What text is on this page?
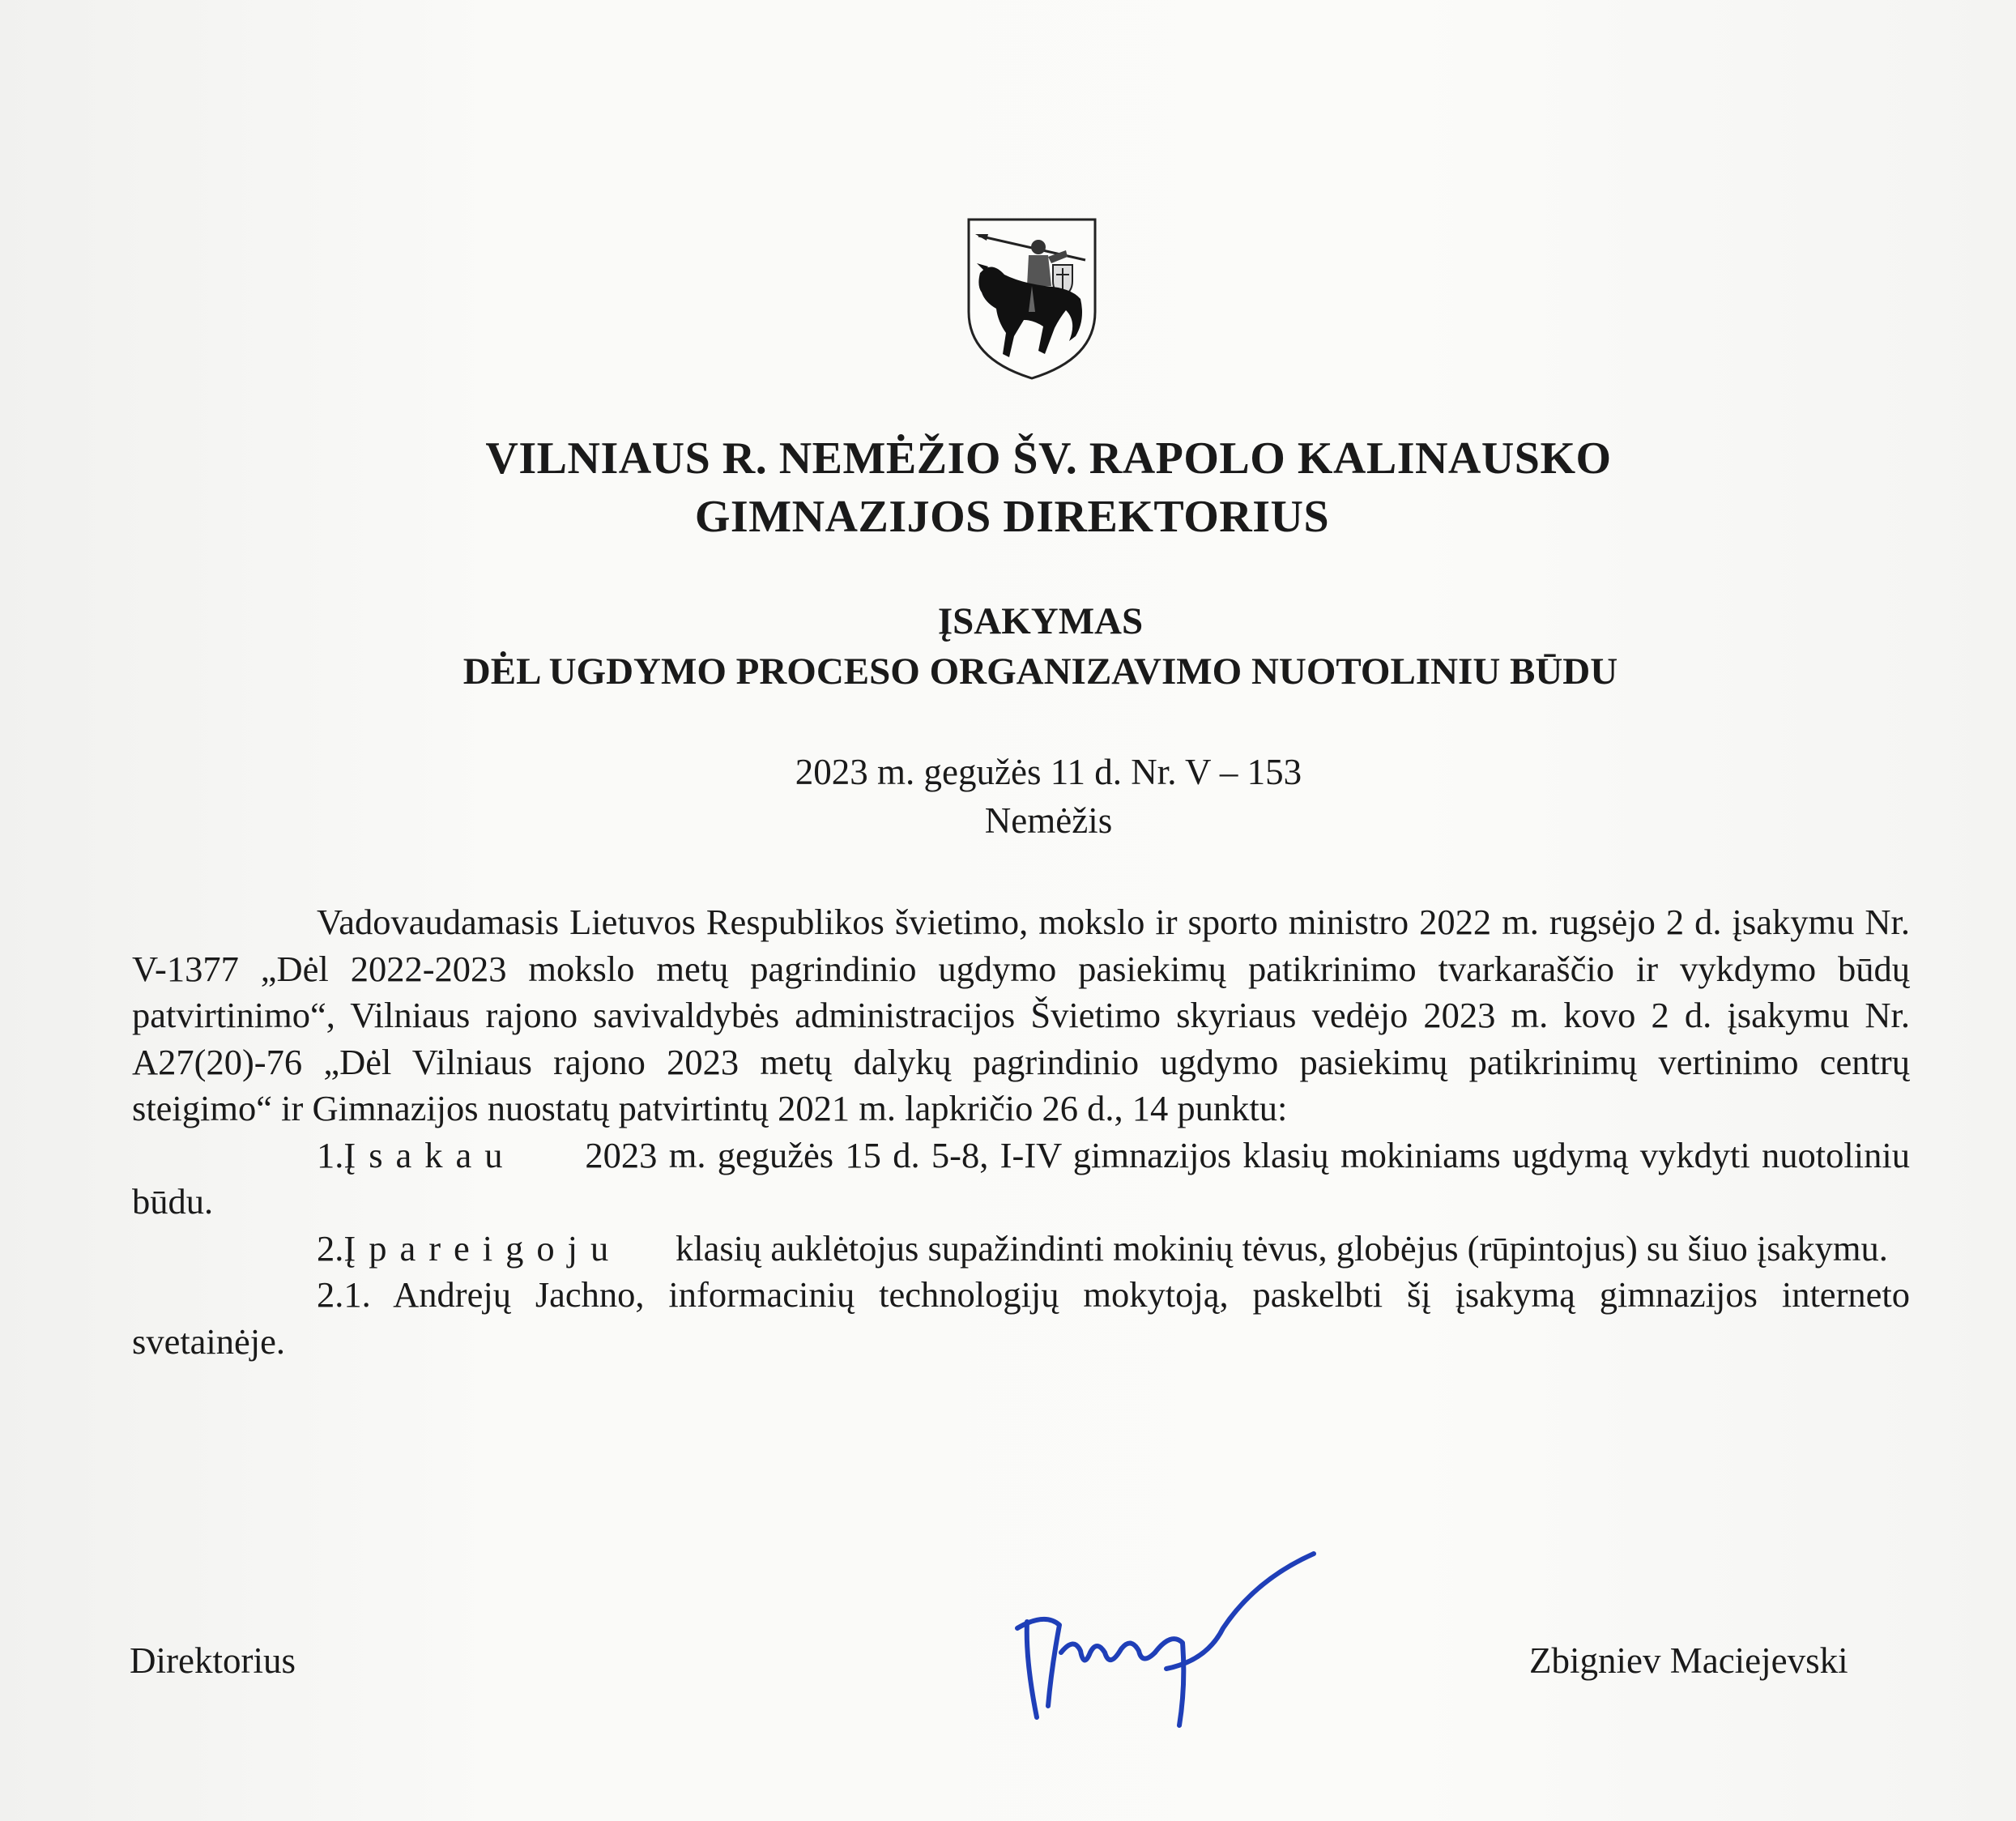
VILNIAUS R. NEMĖŽIO ŠV. RAPOLO KALINAUSKO
GIMNAZIJOS DIREKTORIUS
ĮSAKYMAS
DĖL UGDYMO PROCESO ORGANIZAVIMO NUOTOLINIU BŪDU
2023 m. gegužės 11 d. Nr. V – 153
Nemėžis

Vadovaudamasis Lietuvos Respublikos švietimo, mokslo ir sporto ministro 2022 m. rugsėjo 2 d. įsakymu Nr. V-1377 „Dėl 2022-2023 mokslo metų pagrindinio ugdymo pasiekimų patikrinimo tvarkaraščio ir vykdymo būdų patvirtinimo“, Vilniaus rajono savivaldybės administracijos Švietimo skyriaus vedėjo 2023 m. kovo 2 d. įsakymu Nr. A27(20)-76 „Dėl Vilniaus rajono 2023 metų dalykų pagrindinio ugdymo pasiekimų patikrinimų vertinimo centrų steigimo“ ir Gimnazijos nuostatų patvirtintų 2021 m. lapkričio 26 d., 14 punktu:

1.Įsakau 2023 m. gegužės 15 d. 5-8, I-IV gimnazijos klasių mokiniams ugdymą vykdyti nuotoliniu būdu.

2.Įpareigoju klasių auklėtojus supažindinti mokinių tėvus, globėjus (rūpintojus) su šiuo įsakymu.

2.1. Andrejų Jachno, informacinių technologijų mokytoją, paskelbti šį įsakymą gimnazijos interneto svetainėje.

Direktorius	Zbigniev Maciejevski
